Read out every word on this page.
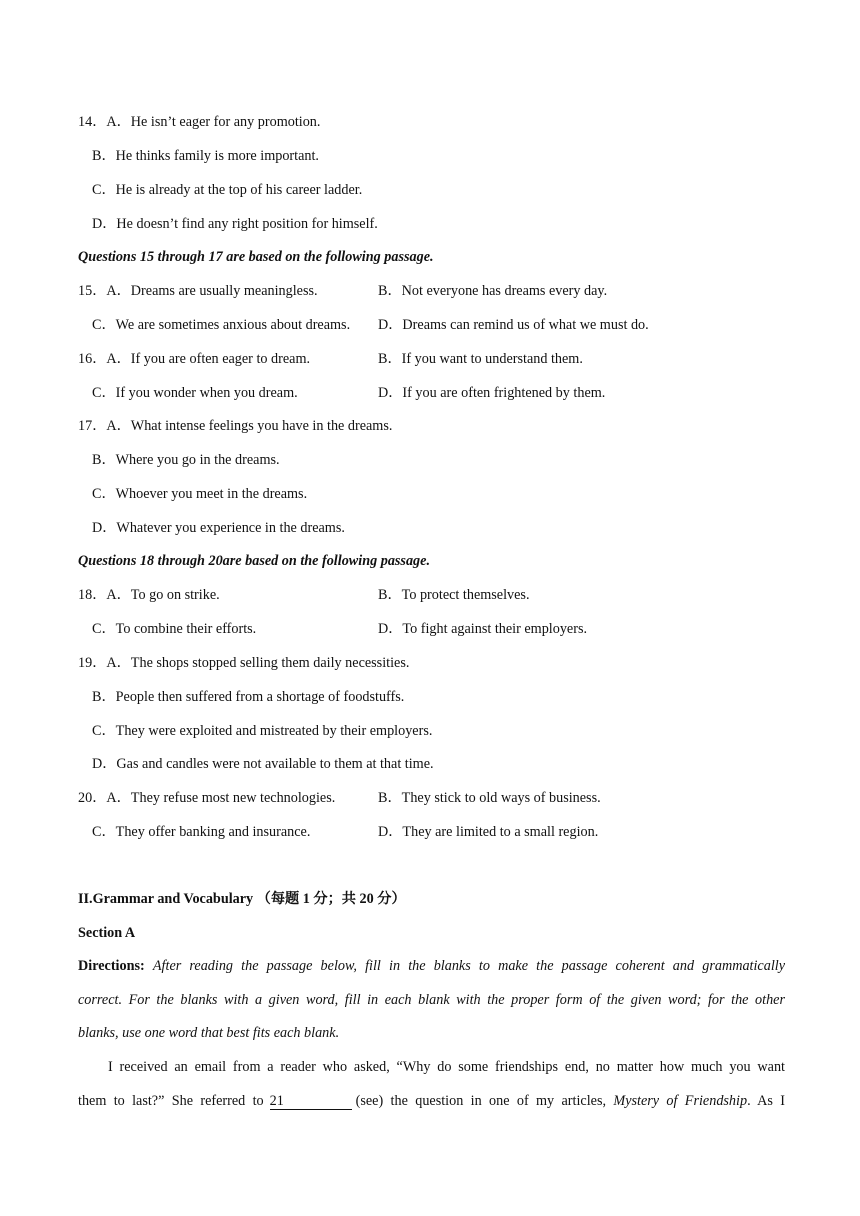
14．A．He isn’t eager for any promotion.
B．He thinks family is more important.
C．He is already at the top of his career ladder.
D．He doesn’t find any right position for himself.
Questions 15 through 17 are based on the following passage.
15．A．Dreams are usually meaningless.	B．Not everyone has dreams every day.
C．We are sometimes anxious about dreams. D．Dreams can remind us of what we must do.
16．A．If you are often eager to dream.	B．If you want to understand them.
C．If you wonder when you dream.	D．If you are often frightened by them.
17．A．What intense feelings you have in the dreams.
B．Where you go in the dreams.
C．Whoever you meet in the dreams.
D．Whatever you experience in the dreams.
Questions 18 through 20are based on the following passage.
18．A．To go on strike.	B．To protect themselves.
C．To combine their efforts.	D．To fight against their employers.
19．A．The shops stopped selling them daily necessities.
B．People then suffered from a shortage of foodstuffs.
C．They were exploited and mistreated by their employers.
D．Gas and candles were not available to them at that time.
20．A．They refuse most new technologies.	B．They stick to old ways of business.
C．They offer banking and insurance.	D．They are limited to a small region.
II.Grammar and Vocabulary （每题 1 分；共 20 分）
Section A
Directions: After reading the passage below, fill in the blanks to make the passage coherent and grammatically
correct. For the blanks with a given word, fill in each blank with the proper form of the given word; for the other
blanks, use one word that best fits each blank.
I received an email from a reader who asked, “Why do some friendships end, no matter how much you want
them to last?” She referred to 21	(see) the question in one of my articles, Mystery of Friendship. As I
